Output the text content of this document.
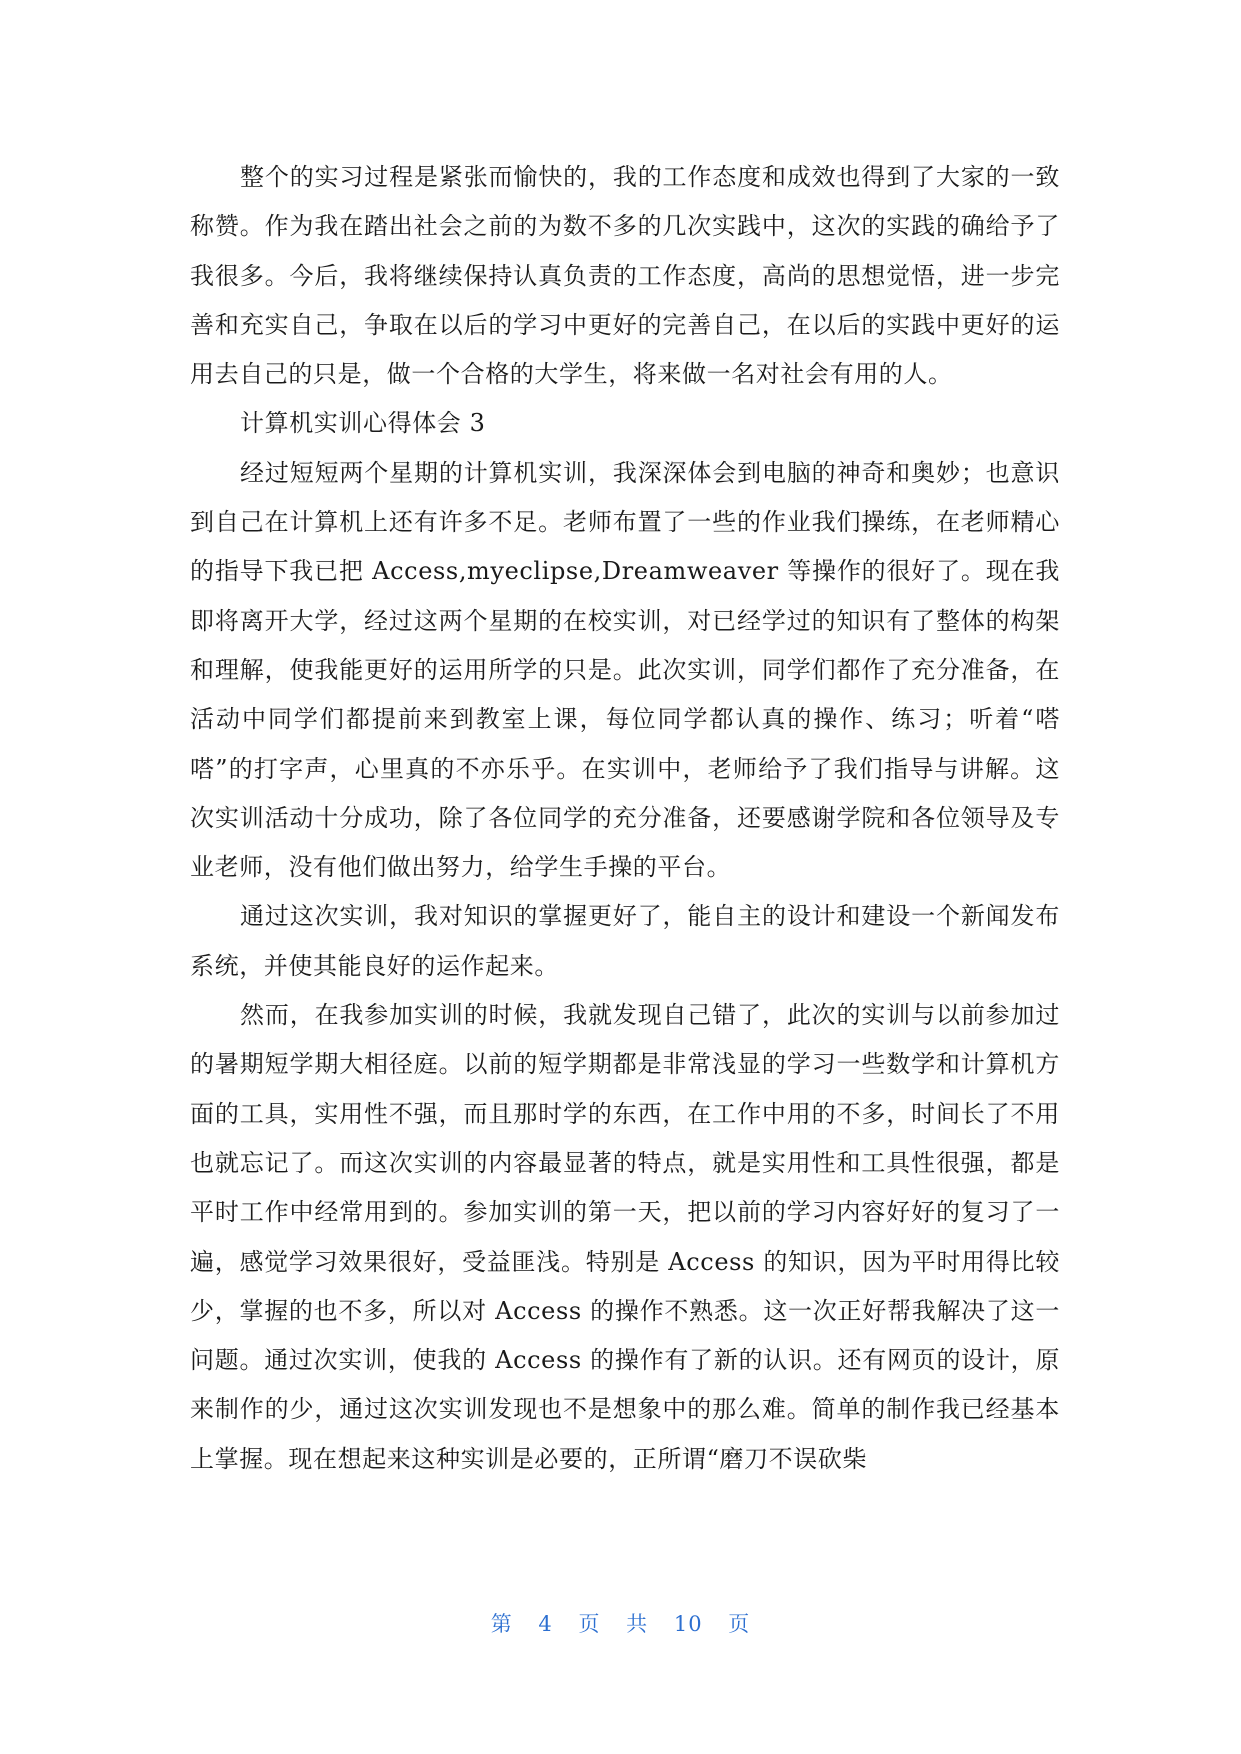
整个的实习过程是紧张而愉快的，我的工作态度和成效也得到了大家的一致称赞。作为我在踏出社会之前的为数不多的几次实践中，这次的实践的确给予了我很多。今后，我将继续保持认真负责的工作态度，高尚的思想觉悟，进一步完善和充实自己，争取在以后的学习中更好的完善自己，在以后的实践中更好的运用去自己的只是，做一个合格的大学生，将来做一名对社会有用的人。

计算机实训心得体会 3

经过短短两个星期的计算机实训，我深深体会到电脑的神奇和奥妙；也意识到自己在计算机上还有许多不足。老师布置了一些的作业我们操练，在老师精心的指导下我已把 Access,myeclipse,Dreamweaver 等操作的很好了。现在我即将离开大学，经过这两个星期的在校实训，对已经学过的知识有了整体的构架和理解，使我能更好的运用所学的只是。此次实训，同学们都作了充分准备，在活动中同学们都提前来到教室上课，每位同学都认真的操作、练习；听着“嗒嗒”的打字声，心里真的不亦乐乎。在实训中，老师给予了我们指导与讲解。这次实训活动十分成功，除了各位同学的充分准备，还要感谢学院和各位领导及专业老师，没有他们做出努力，给学生手操的平台。

通过这次实训，我对知识的掌握更好了，能自主的设计和建设一个新闻发布系统，并使其能良好的运作起来。

然而，在我参加实训的时候，我就发现自己错了，此次的实训与以前参加过的暑期短学期大相径庭。以前的短学期都是非常浅显的学习一些数学和计算机方面的工具，实用性不强，而且那时学的东西，在工作中用的不多，时间长了不用也就忘记了。而这次实训的内容最显著的特点，就是实用性和工具性很强，都是平时工作中经常用到的。参加实训的第一天，把以前的学习内容好好的复习了一遍，感觉学习效果很好，受益匪浅。特别是 Access 的知识，因为平时用得比较少，掌握的也不多，所以对 Access 的操作不熟悉。这一次正好帮我解决了这一问题。通过次实训，使我的 Access 的操作有了新的认识。还有网页的设计，原来制作的少，通过这次实训发现也不是想象中的那么难。简单的制作我已经基本上掌握。现在想起来这种实训是必要的，正所谓“磨刀不误砍柴

第 4 页 共 10 页
